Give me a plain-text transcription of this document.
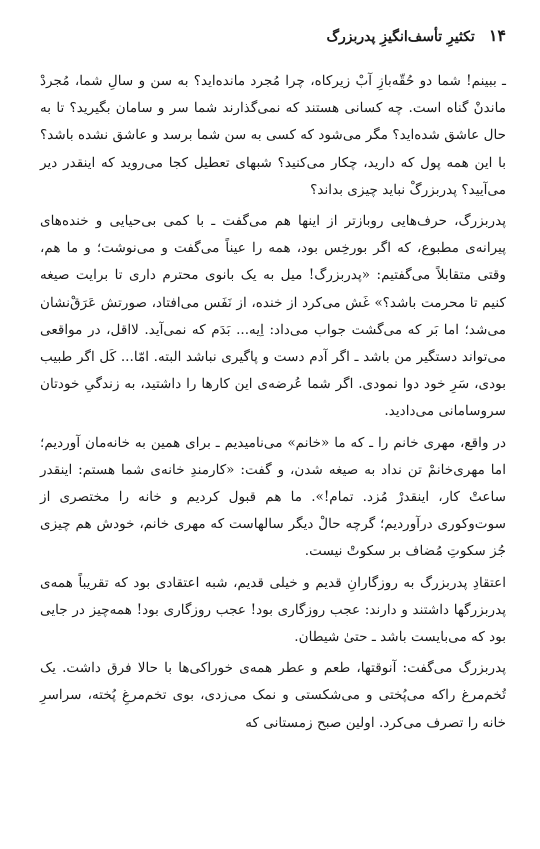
۱۴
تکثیرِ تأسف‌انگیزِ پدربزرگ

ـ ببینم! شما دو حُقّه‌بازِ آبْ زیرکاه، چرا مُجرد مانده‌اید؟ به سن و سالِ شما، مُجردْ ماندنْ گناه است. چه کسانی هستند که نمی‌گذارند شما سر و سامان بگیرید؟ تا به حال عاشق شده‌اید؟ مگر می‌شود که کسی به سن شما برسد و عاشق نشده باشد؟ با این همه پول که دارید، چکار می‌کنید؟ شبهای تعطیل کجا می‌روید که اینقدر دیر می‌آیید؟ پدربزرگْ نباید چیزی بداند؟

پدربزرگ، حرف‌هایی روبازتر از اینها هم می‌گفت ـ با کمی بی‌حیایی و خنده‌های پیرانه‌ی مطبوع، که اگر بورخِس بود، همه را عیناً می‌گفت و می‌نوشت؛ و ما هم، وقتی متقابلاً می‌گفتیم: «پدربزرگ! میل به یک بانوی محترم داری تا برایت صیغه کنیم تا محرمت باشد؟» غَش می‌کرد از خنده، از نَفَس می‌افتاد، صورتش عَرَقْ‌نشان می‌شد؛ اما بَر که می‌گشت جواب می‌داد: اِیه... بَدَم که نمی‌آید. لااقل، در مواقعی می‌تواند دستگیر من باشد ـ اگر آدم دست و پاگیری نباشد البته. امّا... کَل اگر طبیب بودی، سَرِ خود دوا نمودی. اگر شما عُرضه‌ی این کارها را داشتید، به زندگیِ خودتان سروسامانی می‌دادید.

در واقع، مهری خانم را ـ که ما «خانم» می‌نامیدیم ـ برای همین به خانه‌مان آوردیم؛ اما مهری‌خانمْ تن نداد به صیغه شدن، و گفت: «کارمندِ خانه‌ی شما هستم: اینقدر ساعتْ کار، اینقدرْ مُزد. تمام!». ما هم قبول کردیم و خانه را مختصری از سوت‌وکوری درآوردیم؛ گرچه حالْ دیگر سالهاست که مهری خانم، خودش هم چیزی جُز سکوتِ مُضاف بر سکوتْ نیست.

اعتقادِ پدربزرگ به روزگارانِ قدیم و خیلی قدیم، شبه اعتقادی بود که تقریباً همه‌ی پدربزرگها داشتند و دارند: عجب روزگاری بود! عجب روزگاری بود! همه‌چیز در جایی بود که می‌بایست باشد ـ حتیٰ شیطان.

پدربزرگ می‌گفت: آنوقتها، طعم و عطر همه‌ی خوراکی‌ها با حالا فرق داشت. یک تُخم‌مرغ راکه می‌پُختی و می‌شکستی و نمک می‌زدی، بوی تخم‌مرغِ پُخته، سراسرِ خانه را تصرف می‌کرد. اولین صبح زمستانی که
